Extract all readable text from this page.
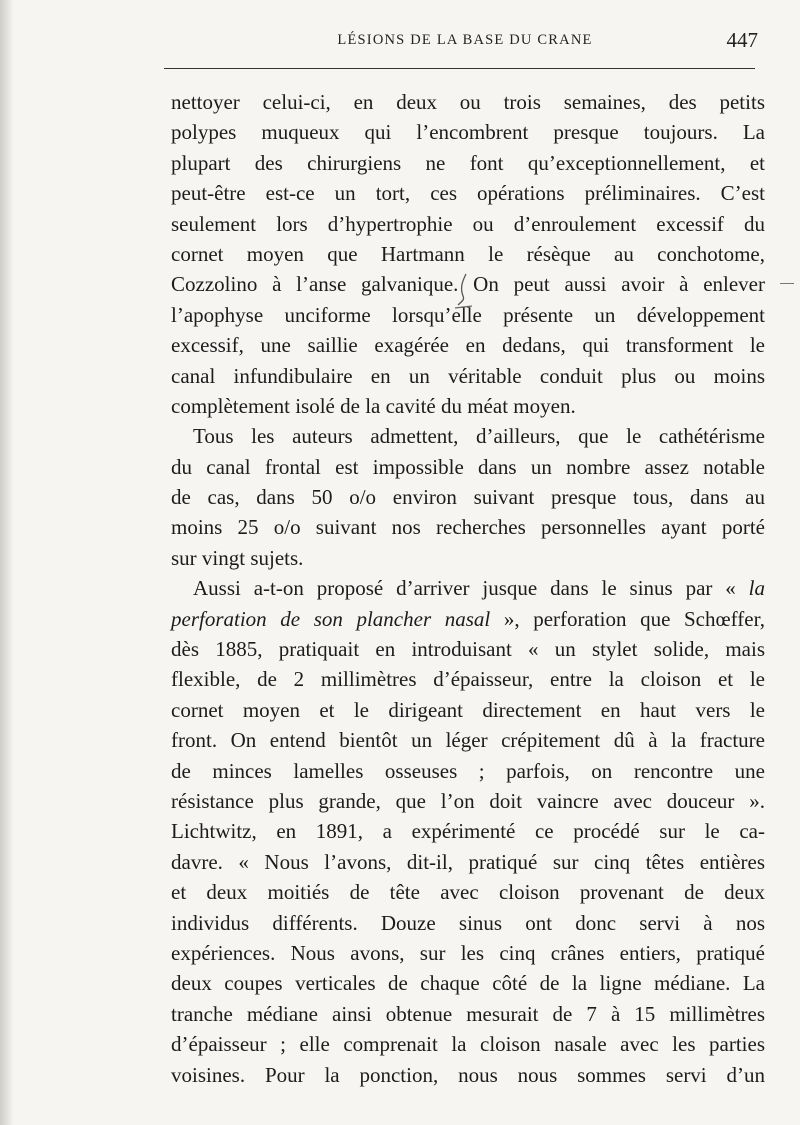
LÉSIONS DE LA BASE DU CRANE	447
nettoyer celui-ci, en deux ou trois semaines, des petits
polypes muqueux qui l’encombrent presque toujours. La
plupart des chirurgiens ne font qu’exceptionnellement, et
peut-être est-ce un tort, ces opérations préliminaires. C’est
seulement lors d’hypertrophie ou d’enroulement excessif du
cornet moyen que Hartmann le résèque au conchotome,
Cozzolino à l’anse galvanique. On peut aussi avoir à enlever
l’apophyse unciforme lorsqu’elle présente un développement
excessif, une saillie exagérée en dedans, qui transforment le
canal infundibulaire en un véritable conduit plus ou moins
complètement isolé de la cavité du méat moyen.
Tous les auteurs admettent, d’ailleurs, que le cathétérisme
du canal frontal est impossible dans un nombre assez notable
de cas, dans 50 o/o environ suivant presque tous, dans au
moins 25 o/o suivant nos recherches personnelles ayant porté
sur vingt sujets.
Aussi a-t-on proposé d’arriver jusque dans le sinus par « la
perforation de son plancher nasal », perforation que Schœffer,
dès 1885, pratiquait en introduisant « un stylet solide, mais
flexible, de 2 millimètres d’épaisseur, entre la cloison et le
cornet moyen et le dirigeant directement en haut vers le
front. On entend bientôt un léger crépitement dû à la fracture
de minces lamelles osseuses ; parfois, on rencontre une
résistance plus grande, que l’on doit vaincre avec douceur ».
Lichtwitz, en 1891, a expérimenté ce procédé sur le ca-
davre. « Nous l’avons, dit-il, pratiqué sur cinq têtes entières
et deux moitiés de tête avec cloison provenant de deux
individus différents. Douze sinus ont donc servi à nos
expériences. Nous avons, sur les cinq crânes entiers, pratiqué
deux coupes verticales de chaque côté de la ligne médiane. La
tranche médiane ainsi obtenue mesurait de 7 à 15 millimètres
d’épaisseur ; elle comprenait la cloison nasale avec les parties
voisines. Pour la ponction, nous nous sommes servi d’un
